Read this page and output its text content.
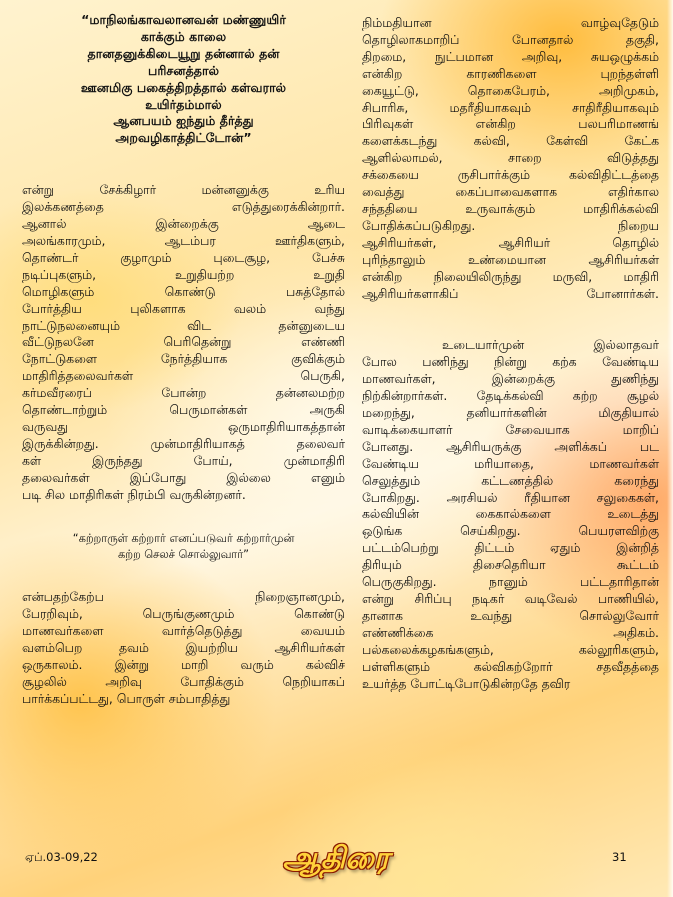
“மாநிலங்காவலானவன் மண்ணுயிர்
காக்கும் காலை
தானதனுக்கிடையூறு தன்னால் தன்
பரிசனத்தால்
ஊனமிகு பகைத்திறத்தால் கள்வரால்
உயிர்தம்மால்
ஆனபயம் ஐந்தும் தீர்த்து
அறவழிகாத்திட்டோன்”
என்று சேக்கிழார் மன்னனுக்கு உரிய
இலக்கணத்தை எடுத்துரைக்கின்றார்.
ஆனால் இன்றைக்கு ஆடை
அலங்காரமும், ஆடம்பர ஊர்திகளும்,
தொண்டர் குழாமும் புடைசூழ, பேச்சு
நடிப்புகளும், உறுதியற்ற உறுதி
மொழிகளும் கொண்டு பசுத்தோல்
போர்த்திய புலிகளாக வலம் வந்து
நாட்டுநலனையும் விட தன்னுடைய
வீட்டுநலனே பெரிதென்று எண்ணி
நோட்டுகளை நேர்த்தியாக குவிக்கும்
மாதிரித்தலைவர்கள் பெருகி,
கர்மவீரரைப் போன்ற தன்னலமற்ற
தொண்டாற்றும் பெருமான்கள் அருகி
வருவது ஒருமாதிரியாகத்தான்
இருக்கின்றது. முன்மாதிரியாகத் தலைவர்
கள் இருந்தது போய், முன்மாதிரி
தலைவர்கள் இப்போது இல்லை எனும்
படி சில மாதிரிகள் நிரம்பி வருகின்றனர்.
“கற்றாருள் கற்றார் எனப்படுவர் கற்றார்முன்
கற்ற செலச் சொல்லுவார்”
என்பதற்கேற்ப நிறைஞானமும்,
பேரறிவும், பெருங்குணமும் கொண்டு
மாணவர்களை வார்த்தெடுத்து வையம்
வளம்பெற தவம் இயற்றிய ஆசிரியர்கள்
ஒருகாலம். இன்று மாறி வரும் கல்விச்
சூழலில் அறிவு போதிக்கும் நெறியாகப்
பார்க்கப்பட்டது, பொருள் சம்பாதித்து
நிம்மதியான வாழ்வுதேடும்
தொழிலாகமாறிப் போனதால் தகுதி,
திறமை, நுட்பமான அறிவு, சுயஒழுக்கம்
என்கிற காரணிகளை புறந்தள்ளி
கையூட்டு, தொகைபேரம், அறிமுகம்,
சிபாரிசு, மதரீதியாகவும் சாதிரீதியாகவும்
பிரிவுகள் என்கிற பலபரிமாணங்
களைக்கடந்து கல்வி, கேள்வி கேட்க
ஆளில்லாமல், சாறை விடுத்தது
சக்கையை ருசிபார்க்கும் கல்விதிட்டத்தை
வைத்து கைப்பாவைகளாக எதிர்கால
சந்ததியை உருவாக்கும் மாதிரிக்கல்வி
போதிக்கப்படுகிறது. நிறைய
ஆசிரியர்கள், ஆசிரியர் தொழில்
புரிந்தாலும் உண்மையான ஆசிரியர்கள்
என்கிற நிலையிலிருந்து மருவி, மாதிரி
ஆசிரியர்களாகிப் போனார்கள்.
உடையார்முன் இல்லாதவர்
போல பணிந்து நின்று கற்க வேண்டிய
மாணவர்கள், இன்றைக்கு துணிந்து
நிற்கின்றார்கள். தேடிக்கல்வி கற்ற சூழல்
மறைந்து, தனியார்களின் மிகுதியால்
வாடிக்கையாளர் சேவையாக மாறிப்
போனது. ஆசிரியருக்கு அளிக்கப் பட
வேண்டிய மரியாதை, மாணவர்கள்
செலுத்தும் கட்டணத்தில் கரைந்து
போகிறது. அரசியல் ரீதியான சலுகைகள்,
கல்வியின் கைகால்களை உடைத்து
ஒடுங்க செய்கிறது. பெயரளவிற்கு
பட்டம்பெற்று திட்டம் ஏதும் இன்றித்
திரியும் திசைதெரியா கூட்டம்
பெருகுகிறது. நானும் பட்டதாரிதான்
என்று சிரிப்பு நடிகர் வடிவேல் பாணியில்,
தானாக உவந்து சொல்லுவோர்
எண்ணிக்கை அதிகம்.
பல்கலைக்கழகங்களும், கல்லூரிகளும்,
பள்ளிகளும் கல்விகற்றோர் சதவீதத்தை
உயர்த்த போட்டிபோடுகின்றதே தவிர
ஏப்.03-09,22	ஆதிரை	31
